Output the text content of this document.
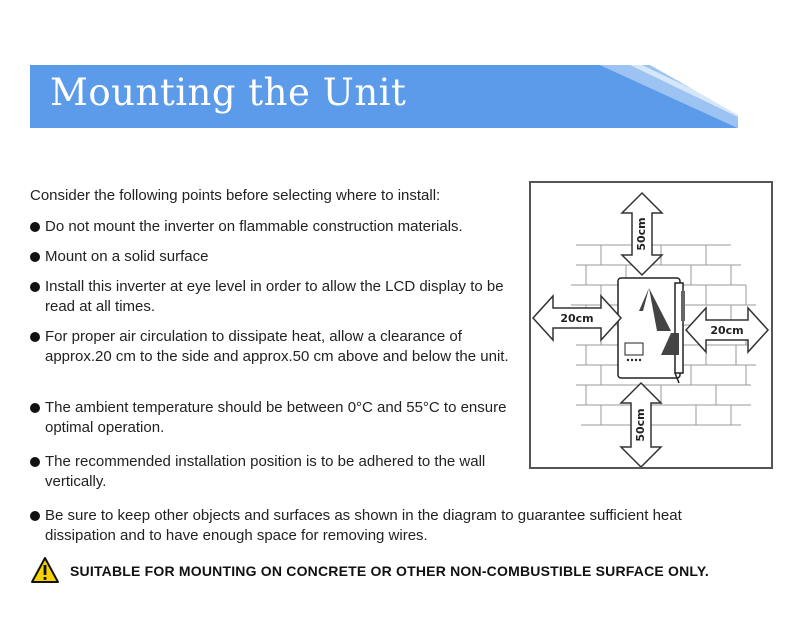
Mounting the Unit
Consider the following points before selecting where to install:
Do not mount the inverter on flammable construction materials.
Mount on a solid surface
Install this inverter at eye level in order to allow the LCD display to be read at all times.
For proper air circulation to dissipate heat, allow a clearance of approx.20 cm to the side and approx.50 cm above and below the unit.
The ambient temperature should be between 0°C and 55°C to ensure optimal operation.
The recommended installation position is to be adhered to the wall vertically.
Be sure to keep other objects and surfaces as shown in the diagram to guarantee sufficient heat dissipation and to have enough space for removing wires.
50cm
50cm
20cm
20cm
SUITABLE FOR MOUNTING ON CONCRETE OR OTHER NON-COMBUSTIBLE SURFACE ONLY.
